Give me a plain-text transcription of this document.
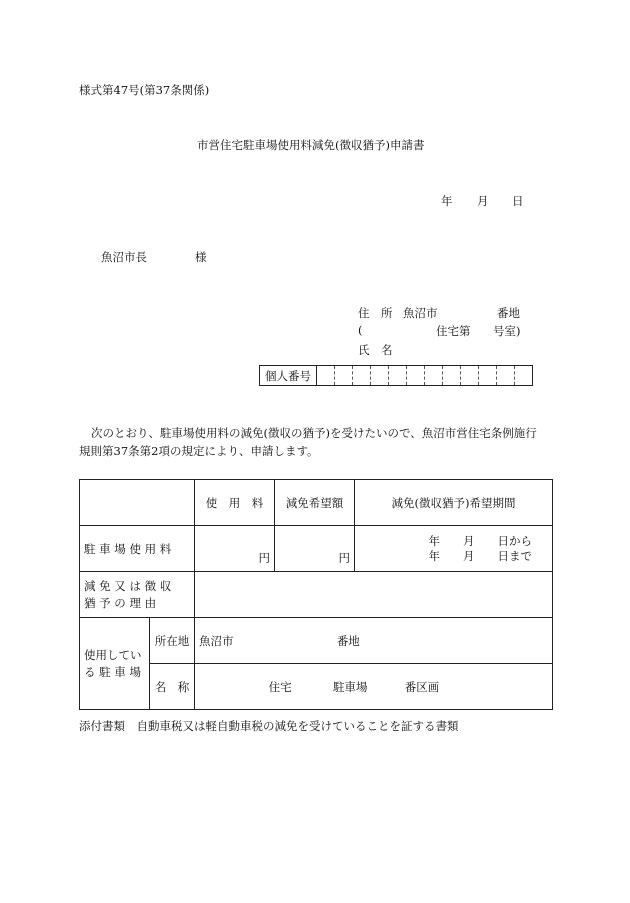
様式第47号(第37条関係)
市営住宅駐車場使用料減免(徴収猶予)申請書
年 月 日
魚沼市長	様
住　所 魚沼市	番地
(	住宅第 号室)
氏　名
個人番号
次のとおり、駐車場使用料の減免(徴収の猶予)を受けたいので、魚沼市営住宅条例施行
規則第37条第2項の規定により、申請します。
		使　用　料	減免希望額	減免(徴収猶予)希望期間
駐 車 場 使 用 料		円	円	年　　月　　日から
年　　月　　日まで

減 免 又 は 徴 収
猶 予 の 理 由				

使用してい
る 駐 車 場	所在地	魚沼市 番地		
	名　称	住宅 駐車場 番区画		
添付書類　自動車税又は軽自動車税の減免を受けていることを証する書類
